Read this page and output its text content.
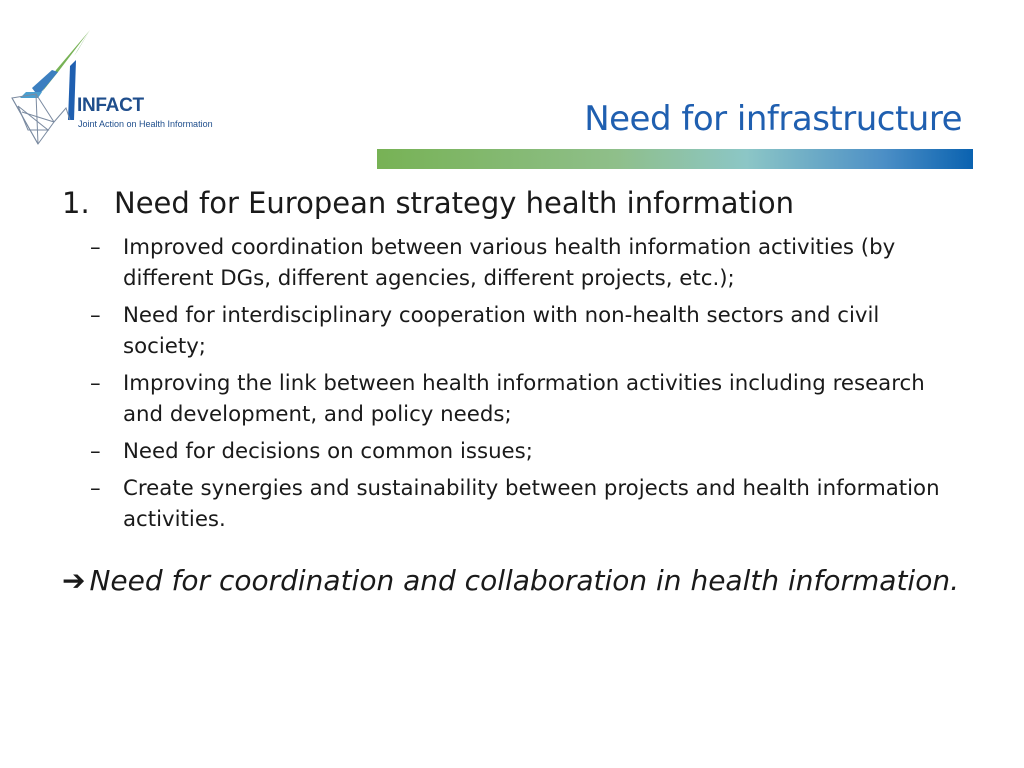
INFACT
Joint Action on Health Information	Need for infrastructure
1. Need for European strategy health information
– Improved coordination between various health information activities (by different DGs, different agencies, different projects, etc.);
– Need for interdisciplinary cooperation with non-health sectors and civil society;
– Improving the link between health information activities including research and development, and policy needs;
– Need for decisions on common issues;
– Create synergies and sustainability between projects and health information activities.

➔ Need for coordination and collaboration in health information.
